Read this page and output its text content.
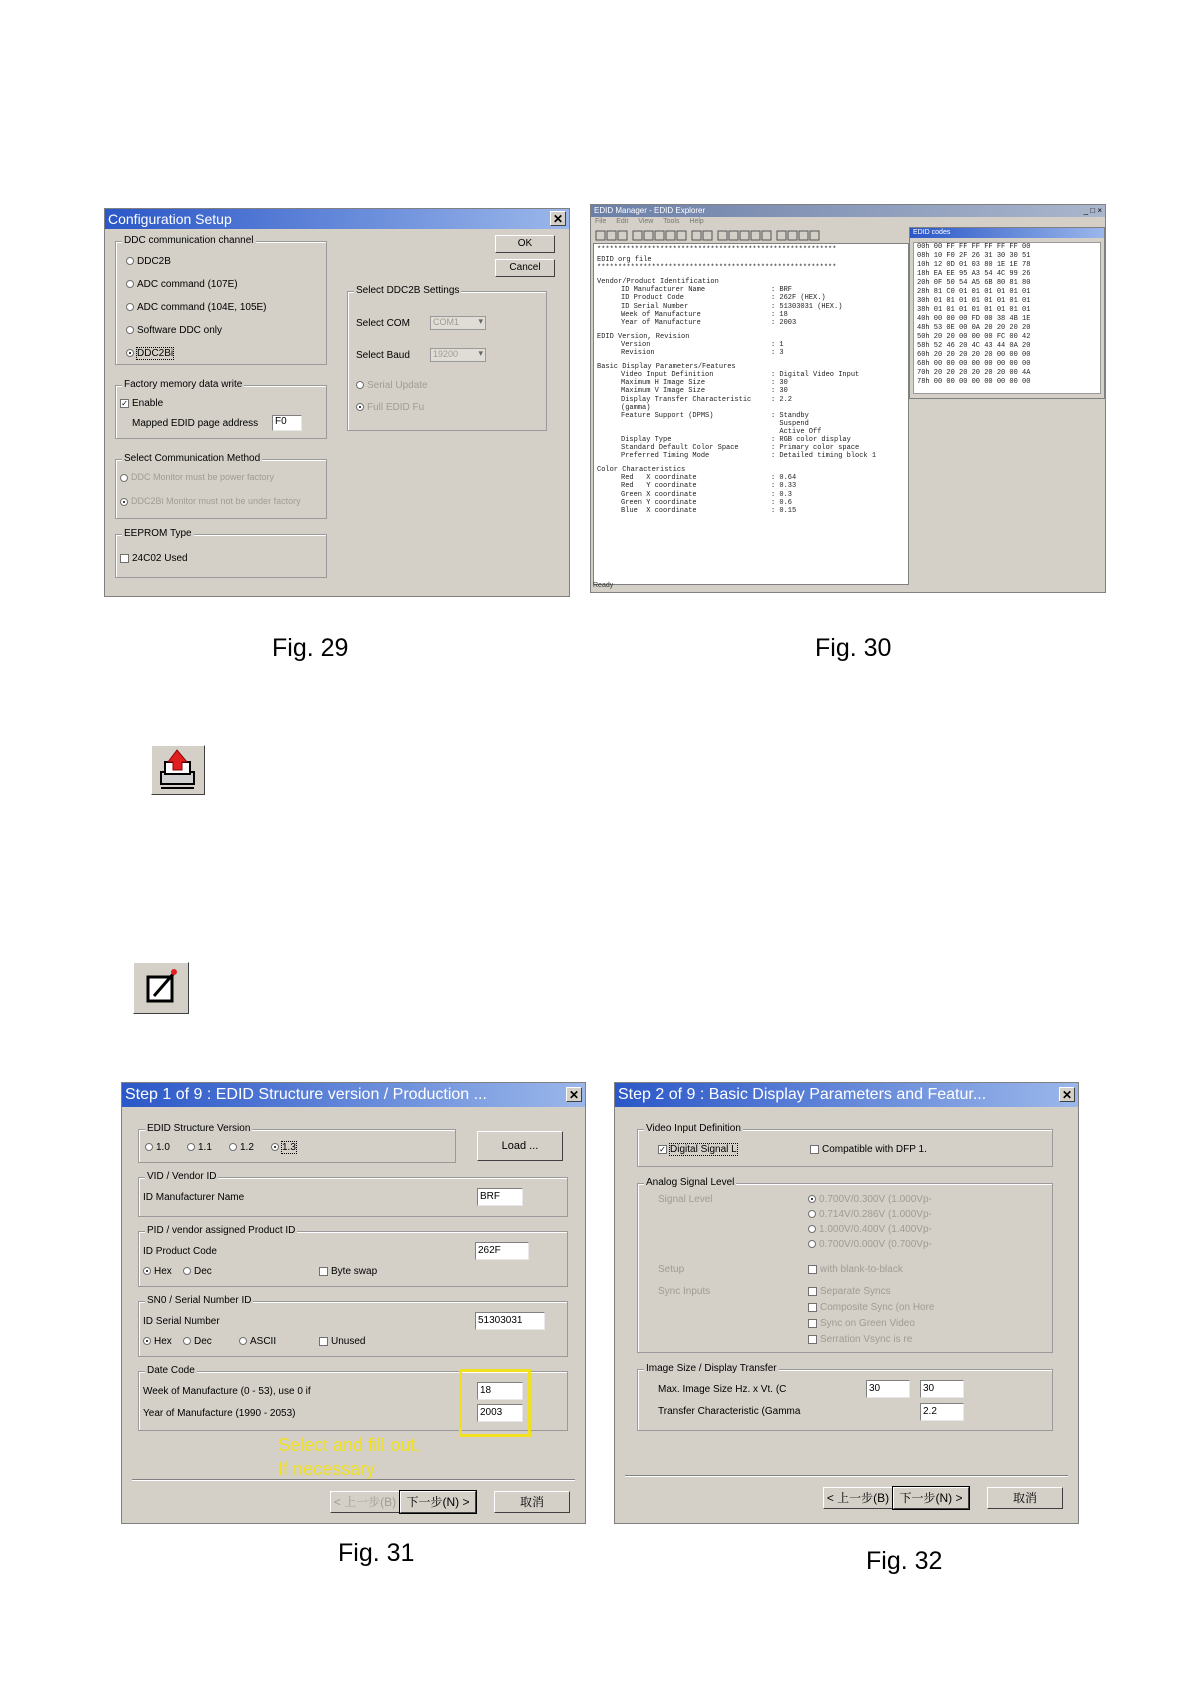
Configuration Setup	✕
DDC communication channel
DDC2B
ADC command (107E)
ADC command (104E, 105E)
Software DDC only
DDC2Bi
Factory memory data write
✓ Enable
Mapped EDID page address	F0
Select Communication Method
DDC Monitor must be power factory
DDC2Bi Monitor must not be under factory
EEPROM Type
24C02 Used
OK
Cancel
Select DDC2B Settings
Select COM	COM1 ▾
Select Baud	19200 ▾
Serial Update
Full EDID Fu
Fig. 29
EDID Manager - EDID Explorer	_ □ ×
File Edit View Tools Help
*********************************************************
EDID org file
*********************************************************
Vendor/Product Identification
ID Manufacturer Name	: BRF
ID Product Code	: 262F (HEX.)
ID Serial Number	: 51303031 (HEX.)
Week of Manufacture	: 18
Year of Manufacture	: 2003
EDID Version, Revision
Version	: 1
Revision	: 3
Basic Display Parameters/Features
Video Input Definition	: Digital Video Input
Maximum H Image Size	: 30
Maximum V Image Size	: 30
Display Transfer Characteristic	: 2.2
(gamma)
Feature Support (DPMS)	: Standby
Suspend
Active Off
Display Type	: RGB color display
Standard Default Color Space	: Primary color space
Preferred Timing Mode	: Detailed timing block 1
Color Characteristics
Red   X coordinate	: 0.64
Red   Y coordinate	: 0.33
Green X coordinate	: 0.3
Green Y coordinate	: 0.6
Blue  X coordinate	: 0.15
EDID codes
00h 00 FF FF FF FF FF FF 00
08h 10 F0 2F 26 31 30 30 51
10h 12 0D 01 03 80 1E 1E 78
18h EA EE 95 A3 54 4C 99 26
20h 0F 50 54 A5 6B 80 81 80
28h 81 C0 01 01 01 01 01 01
30h 01 01 01 01 01 01 01 01
38h 01 01 01 01 01 01 01 01
40h 00 00 00 FD 00 38 4B 1E
48h 53 0E 00 0A 20 20 20 20
50h 20 20 00 00 00 FC 00 42
58h 52 46 20 4C 43 44 0A 20
60h 20 20 20 20 20 00 00 00
68h 00 00 00 00 00 00 00 00
70h 20 20 20 20 20 20 00 4A
78h 00 00 00 00 00 00 00 00
Ready
Fig. 30
Step 1 of 9 : EDID Structure version / Production ...	✕
EDID Structure Version
1.0	1.1	1.2	1.3	Load ...
VID / Vendor ID
ID Manufacturer Name	BRF
PID / vendor assigned Product ID
ID Product Code	262F
Hex	Dec	Byte swap
SN0 / Serial Number ID
ID Serial Number	51303031
Hex	Dec	ASCII	Unused
Date Code
Week of Manufacture (0 - 53), use 0 if	18
Year of Manufacture (1990 - 2053)	2003
Select and fill out,
If necessary
< 上一步(B) 下一步(N) >	取消
Fig. 31
Step 2 of 9 : Basic Display Parameters and Featur...	✕
Video Input Definition
✓ Digital Signal L	Compatible with DFP 1.
Analog Signal Level
Signal Level	0.700V/0.300V (1.000Vp-
0.714V/0.286V (1.000Vp-
1.000V/0.400V (1.400Vp-
0.700V/0.000V (0.700Vp-
Setup	with blank-to-black
Sync Inputs	Separate Syncs
Composite Sync (on Hore
Sync on Green Video
Serration Vsync is re
Image Size / Display Transfer
Max. Image Size Hz. x Vt. (C	30	30
Transfer Characteristic (Gamma	2.2
< 上一步(B) 下一步(N) >	取消
Fig. 32
